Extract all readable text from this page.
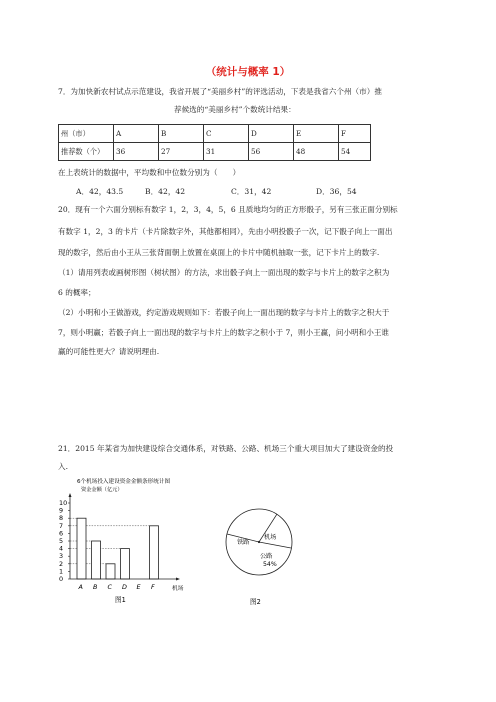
（统计与概率 1）
7．为加快新农村试点示范建设，我省开展了“美丽乡村”的评选活动，下表是我省六个州（市）推
荐候选的“美丽乡村”个数统计结果：
州（市）	A	B	C	D	E	F
推荐数（个）	36	27	31	56	48	54
在上表统计的数据中，平均数和中位数分别为（　　）
A．42，43.5	B．42，42	C．31，42	D．36，54
20．现有一个六面分别标有数字 1，2，3，4，5，6 且质地均匀的正方形骰子，另有三张正面分别标
有数字 1，2，3 的卡片（卡片除数字外，其他都相同），先由小明投骰子一次，记下骰子向上一面出
现的数字，然后由小王从三张背面朝上放置在桌面上的卡片中随机抽取一张，记下卡片上的数字.
（1）请用列表或画树形图（树状图）的方法，求出骰子向上一面出现的数字与卡片上的数字之积为
6 的概率；
（2）小明和小王做游戏，约定游戏规则如下：若骰子向上一面出现的数字与卡片上的数字之积大于
7，则小明赢；若骰子向上一面出现的数字与卡片上的数字之积小于 7，则小王赢，问小明和小王谁
赢的可能性更大？请说明理由.
21．2015 年某省为加快建设综合交通体系，对铁路、公路、机场三个重大项目加大了建设资金的投
入.
6个机场投入建设资金金额条形统计图
资金金额（亿元）
0
1
2
3
4
5
6
7
8
9
10
A B C D E F	机场
图1
铁路
机场
公路
54%
图2
